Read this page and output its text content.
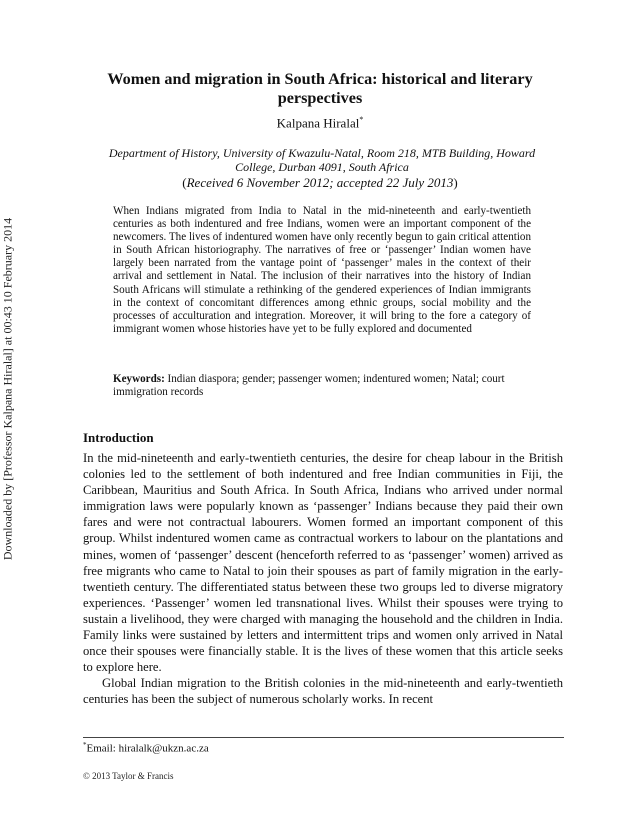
Downloaded by [Professor Kalpana Hiralal] at 00:43 10 February 2014
Women and migration in South Africa: historical and literary perspectives
Kalpana Hiralal*
Department of History, University of Kwazulu-Natal, Room 218, MTB Building, Howard College, Durban 4091, South Africa
(Received 6 November 2012; accepted 22 July 2013)
When Indians migrated from India to Natal in the mid-nineteenth and early-twentieth centuries as both indentured and free Indians, women were an important component of the newcomers. The lives of indentured women have only recently begun to gain critical attention in South African historiography. The narratives of free or ‘passenger’ Indian women have largely been narrated from the vantage point of ‘passenger’ males in the context of their arrival and settlement in Natal. The inclusion of their narratives into the history of Indian South Africans will stimulate a rethinking of the gendered experiences of Indian immigrants in the context of concomitant differences among ethnic groups, social mobility and the processes of acculturation and integration. Moreover, it will bring to the fore a category of immigrant women whose histories have yet to be fully explored and documented
Keywords: Indian diaspora; gender; passenger women; indentured women; Natal; court immigration records
Introduction

In the mid-nineteenth and early-twentieth centuries, the desire for cheap labour in the British colonies led to the settlement of both indentured and free Indian communities in Fiji, the Caribbean, Mauritius and South Africa. In South Africa, Indians who arrived under normal immigration laws were popularly known as ‘passenger’ Indians because they paid their own fares and were not contractual labourers. Women formed an important component of this group. Whilst indentured women came as contractual workers to labour on the plantations and mines, women of ‘passenger’ descent (henceforth referred to as ‘passenger’ women) arrived as free migrants who came to Natal to join their spouses as part of family migration in the early-twentieth century. The differentiated status between these two groups led to diverse migratory experiences. ‘Passenger’ women led transnational lives. Whilst their spouses were trying to sustain a livelihood, they were charged with managing the household and the children in India. Family links were sustained by letters and intermittent trips and women only arrived in Natal once their spouses were financially stable. It is the lives of these women that this article seeks to explore here.

Global Indian migration to the British colonies in the mid-nineteenth and early-twentieth centuries has been the subject of numerous scholarly works. In recent

*Email: hiralalk@ukzn.ac.za
© 2013 Taylor & Francis
